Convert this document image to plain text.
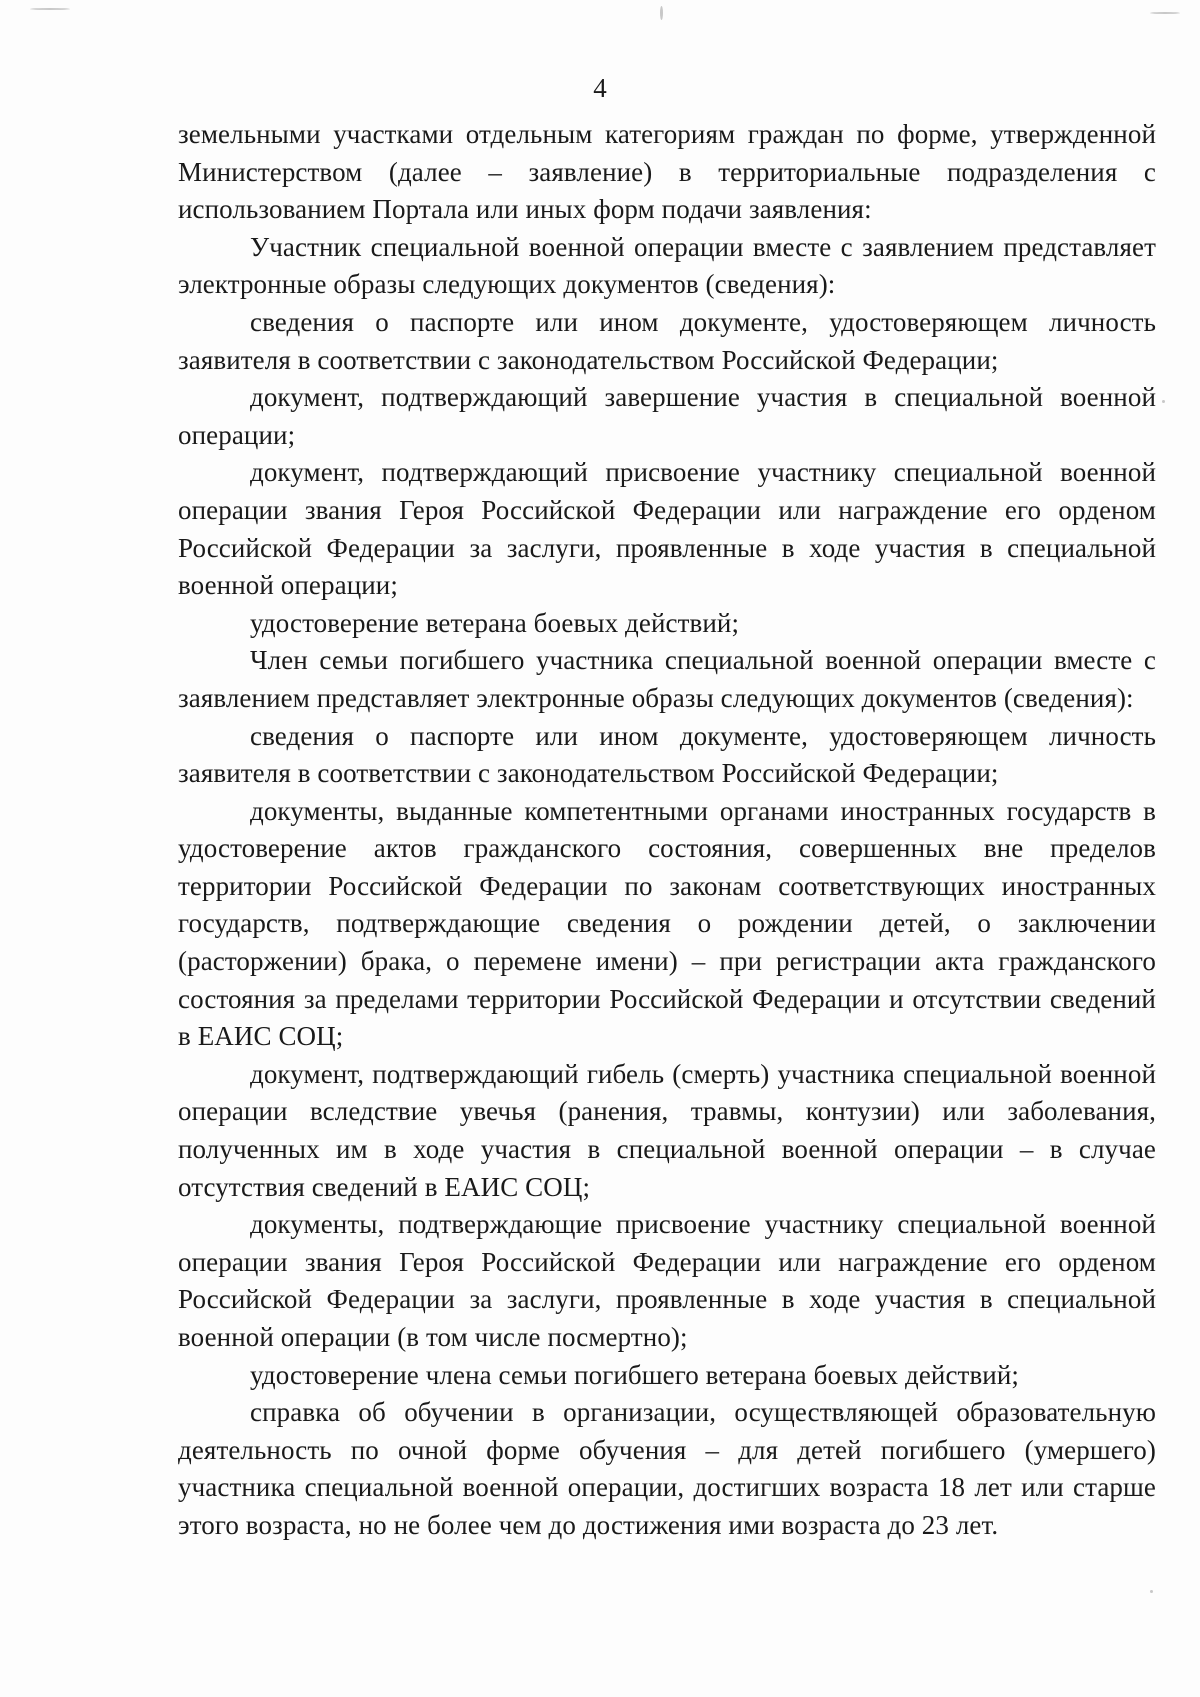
4

земельными участками отдельным категориям граждан по форме, утвержденной Министерством (далее – заявление) в территориальные подразделения с использованием Портала или иных форм подачи заявления:

Участник специальной военной операции вместе с заявлением представляет электронные образы следующих документов (сведения):

сведения о паспорте или ином документе, удостоверяющем личность заявителя в соответствии с законодательством Российской Федерации;

документ, подтверждающий завершение участия в специальной военной операции;

документ, подтверждающий присвоение участнику специальной военной операции звания Героя Российской Федерации или награждение его орденом Российской Федерации за заслуги, проявленные в ходе участия в специальной военной операции;

удостоверение ветерана боевых действий;

Член семьи погибшего участника специальной военной операции вместе с заявлением представляет электронные образы следующих документов (сведения):

сведения о паспорте или ином документе, удостоверяющем личность заявителя в соответствии с законодательством Российской Федерации;

документы, выданные компетентными органами иностранных государств в удостоверение актов гражданского состояния, совершенных вне пределов территории Российской Федерации по законам соответствующих иностранных государств, подтверждающие сведения о рождении детей, о заключении (расторжении) брака, о перемене имени) – при регистрации акта гражданского состояния за пределами территории Российской Федерации и отсутствии сведений в ЕАИС СОЦ;

документ, подтверждающий гибель (смерть) участника специальной военной операции вследствие увечья (ранения, травмы, контузии) или заболевания, полученных им в ходе участия в специальной военной операции – в случае отсутствия сведений в ЕАИС СОЦ;

документы, подтверждающие присвоение участнику специальной военной операции звания Героя Российской Федерации или награждение его орденом Российской Федерации за заслуги, проявленные в ходе участия в специальной военной операции (в том числе посмертно);

удостоверение члена семьи погибшего ветерана боевых действий;

справка об обучении в организации, осуществляющей образовательную деятельность по очной форме обучения – для детей погибшего (умершего) участника специальной военной операции, достигших возраста 18 лет или старше этого возраста, но не более чем до достижения ими возраста до 23 лет.
